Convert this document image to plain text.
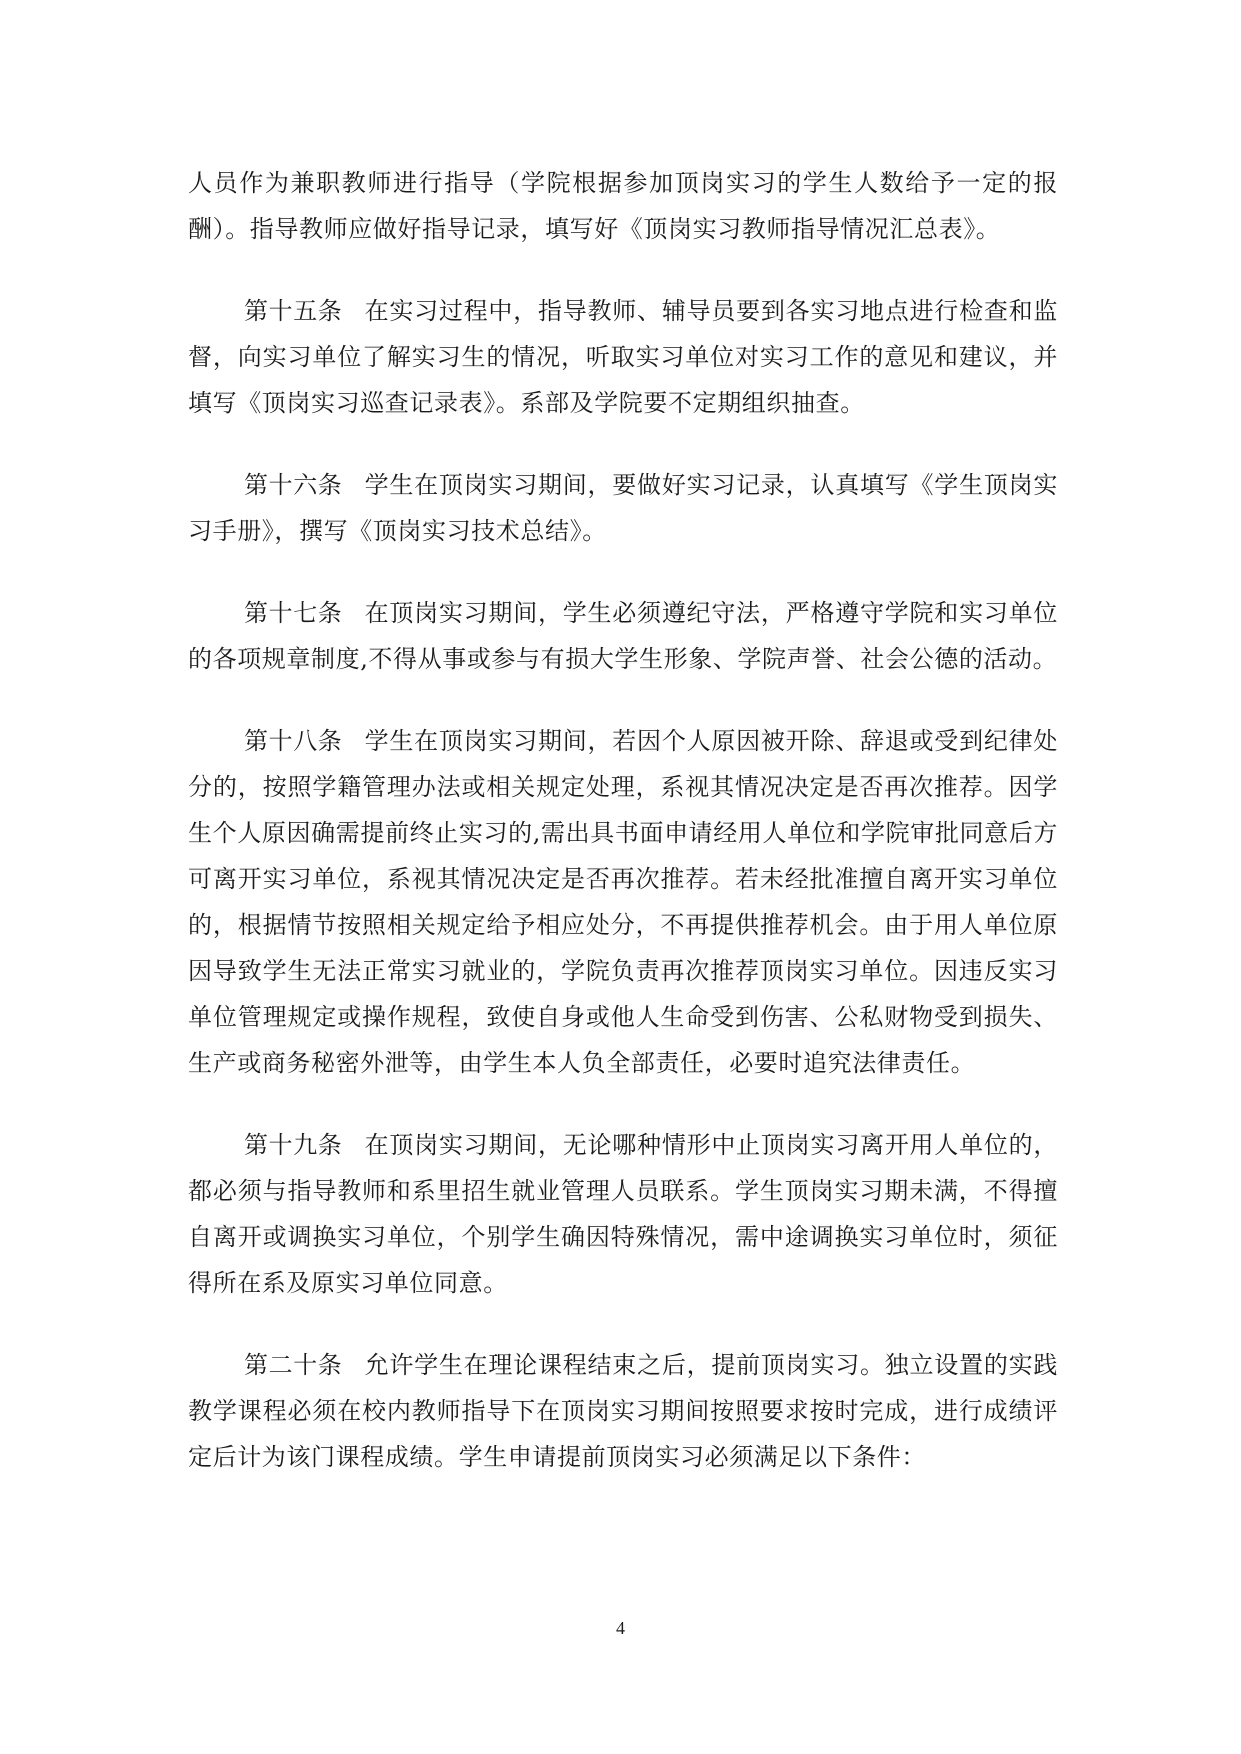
人员作为兼职教师进行指导（学院根据参加顶岗实习的学生人数给予一定的报酬）。指导教师应做好指导记录，填写好《顶岗实习教师指导情况汇总表》。

第十五条 在实习过程中，指导教师、辅导员要到各实习地点进行检查和监督，向实习单位了解实习生的情况，听取实习单位对实习工作的意见和建议，并填写《顶岗实习巡查记录表》。系部及学院要不定期组织抽查。

第十六条 学生在顶岗实习期间，要做好实习记录，认真填写《学生顶岗实习手册》，撰写《顶岗实习技术总结》。

第十七条 在顶岗实习期间，学生必须遵纪守法，严格遵守学院和实习单位的各项规章制度,不得从事或参与有损大学生形象、学院声誉、社会公德的活动。

第十八条 学生在顶岗实习期间，若因个人原因被开除、辞退或受到纪律处分的，按照学籍管理办法或相关规定处理，系视其情况决定是否再次推荐。因学生个人原因确需提前终止实习的,需出具书面申请经用人单位和学院审批同意后方可离开实习单位，系视其情况决定是否再次推荐。若未经批准擅自离开实习单位的，根据情节按照相关规定给予相应处分，不再提供推荐机会。由于用人单位原因导致学生无法正常实习就业的，学院负责再次推荐顶岗实习单位。因违反实习单位管理规定或操作规程，致使自身或他人生命受到伤害、公私财物受到损失、生产或商务秘密外泄等，由学生本人负全部责任，必要时追究法律责任。

第十九条 在顶岗实习期间，无论哪种情形中止顶岗实习离开用人单位的，都必须与指导教师和系里招生就业管理人员联系。学生顶岗实习期未满，不得擅自离开或调换实习单位，个别学生确因特殊情况，需中途调换实习单位时，须征得所在系及原实习单位同意。

第二十条 允许学生在理论课程结束之后，提前顶岗实习。独立设置的实践教学课程必须在校内教师指导下在顶岗实习期间按照要求按时完成，进行成绩评定后计为该门课程成绩。学生申请提前顶岗实习必须满足以下条件：

4
